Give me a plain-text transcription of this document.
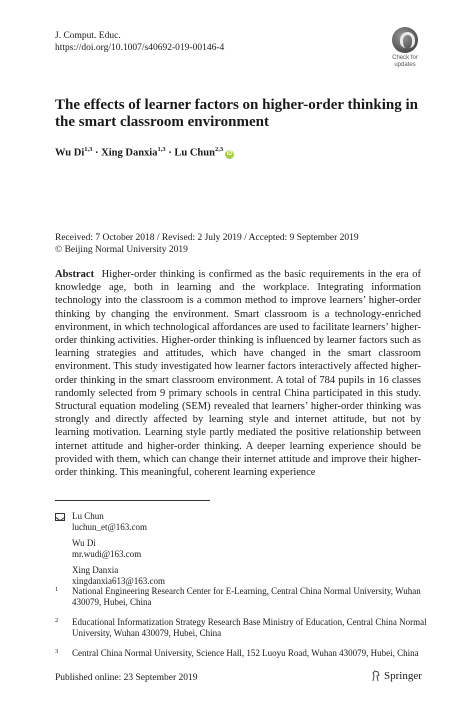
J. Comput. Educ.
https://doi.org/10.1007/s40692-019-00146-4
Check for
updates
The effects of learner factors on higher-order thinking in the smart classroom environment
Wu Di$^{1,3}$ · Xing Danxia$^{1,3}$ · Lu Chun$^{2,3}$iD
Received: 7 October 2018 / Revised: 2 July 2019 / Accepted: 9 September 2019
© Beijing Normal University 2019
Abstract Higher-order thinking is confirmed as the basic requirements in the era of knowledge age, both in learning and the workplace. Integrating information technology into the classroom is a common method to improve learners’ higher-order thinking by changing the environment. Smart classroom is a technology-enriched environment, in which technological affordances are used to facilitate learners’ higher-order thinking activities. Higher-order thinking is influenced by learner factors such as learning strategies and attitudes, which have changed in the smart classroom environment. This study investigated how learner factors interactively affected higher-order thinking in the smart classroom environment. A total of 784 pupils in 16 classes randomly selected from 9 primary schools in central China participated in this study. Structural equation modeling (SEM) revealed that learners’ higher-order thinking was strongly and directly affected by learning style and internet attitude, but not by learning motivation. Learning style partly mediated the positive relationship between internet attitude and higher-order thinking. A deeper learning experience should be provided with them, which can change their internet attitude and improve their higher-order thinking. This meaningful, coherent learning experience
Lu Chun
luchun_et@163.com
Wu Di
mr.wudi@163.com
Xing Danxia
xingdanxia613@163.com
1 National Engineering Research Center for E-Learning, Central China Normal University, Wuhan 430079, Hubei, China
2 Educational Informatization Strategy Research Base Ministry of Education, Central China Normal University, Wuhan 430079, Hubei, China
3 Central China Normal University, Science Hall, 152 Luoyu Road, Wuhan 430079, Hubei, China
Published online: 23 September 2019	Springer
